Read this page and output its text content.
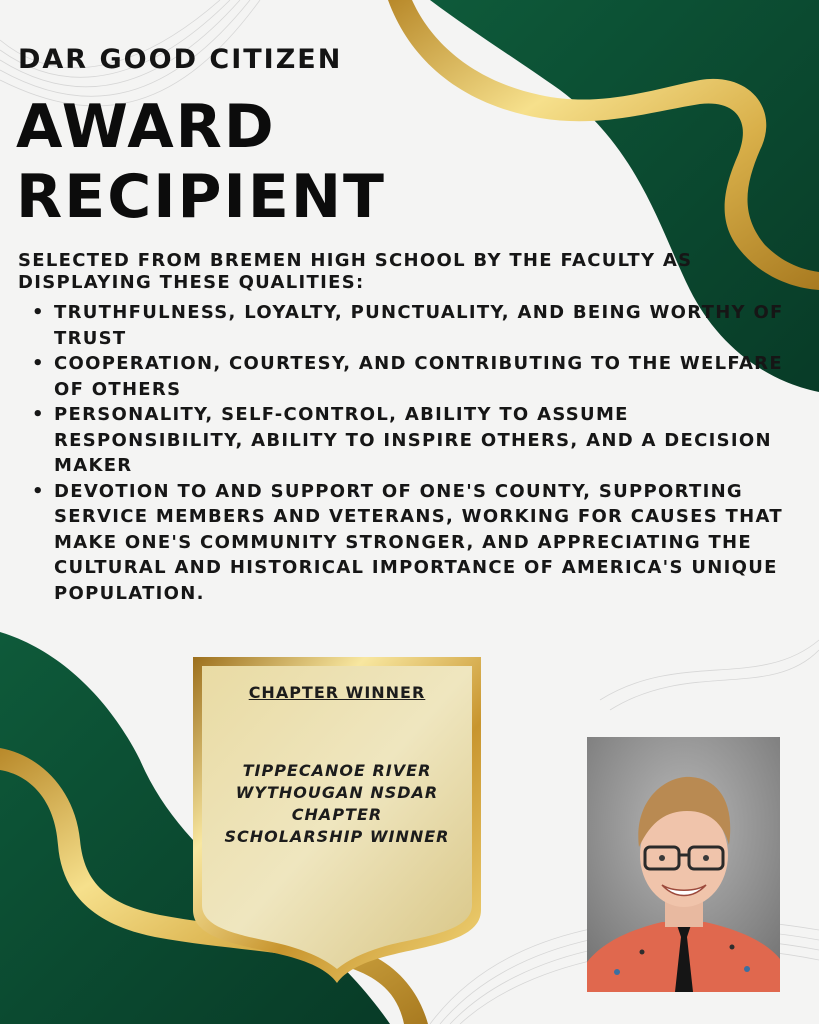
DAR GOOD CITIZEN
AWARD
RECIPIENT
SELECTED FROM BREMEN HIGH SCHOOL BY THE FACULTY AS DISPLAYING THESE QUALITIES:
• TRUTHFULNESS, LOYALTY, PUNCTUALITY, AND BEING WORTHY OF TRUST
• COOPERATION, COURTESY, AND CONTRIBUTING TO THE WELFARE OF OTHERS
• PERSONALITY, SELF-CONTROL, ABILITY TO ASSUME RESPONSIBILITY, ABILITY TO INSPIRE OTHERS, AND A DECISION MAKER
• DEVOTION TO AND SUPPORT OF ONE'S COUNTY, SUPPORTING SERVICE MEMBERS AND VETERANS, WORKING FOR CAUSES THAT MAKE ONE'S COMMUNITY STRONGER, AND APPRECIATING THE CULTURAL AND HISTORICAL IMPORTANCE OF AMERICA'S UNIQUE POPULATION.
CHAPTER WINNER
TIPPECANOE RIVER
WYTHOUGAN NSDAR
CHAPTER
SCHOLARSHIP WINNER
